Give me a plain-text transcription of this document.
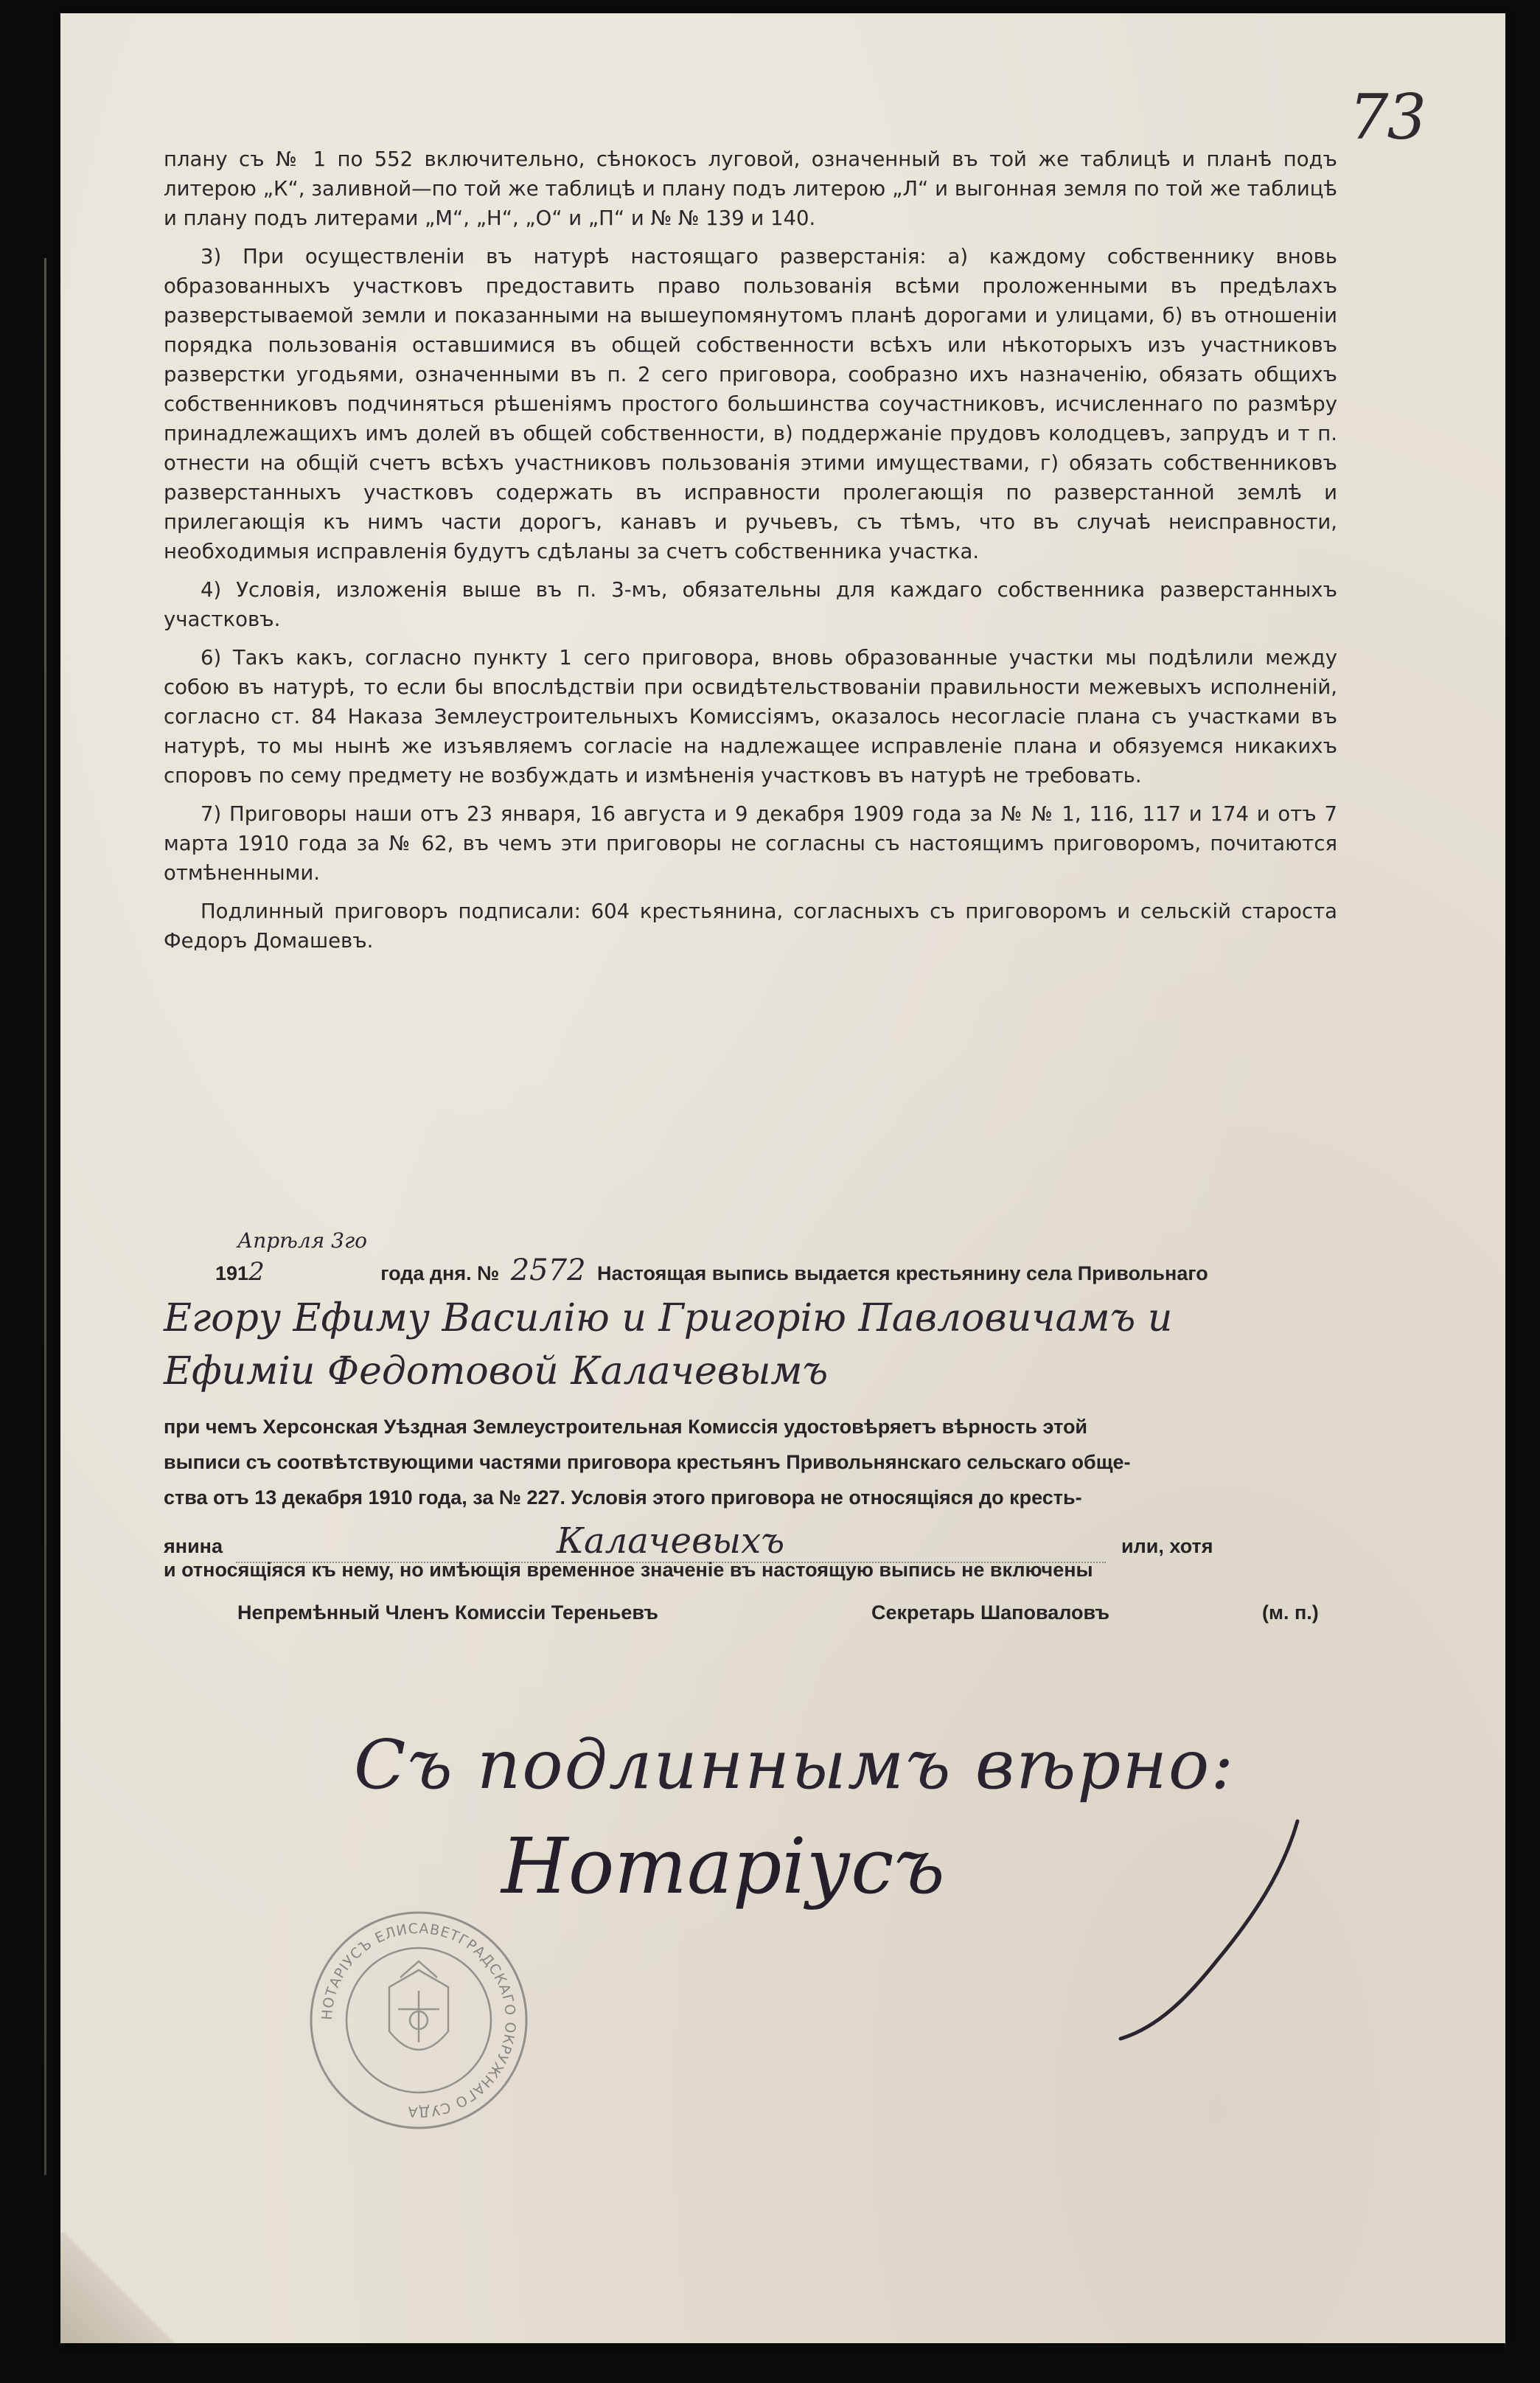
73

плану съ № 1 по 552 включительно, сѣнокосъ луговой, означенный въ той же таблицѣ и планѣ подъ литерою „К“, заливной—по той же таблицѣ и плану подъ литерою „Л“ и выгонная земля по той же таблицѣ и плану подъ литерами „М“, „Н“, „О“ и „П“ и № № 139 и 140.

3) При осуществленіи въ натурѣ настоящаго разверстанія: а) каждому собственнику вновь образованныхъ участковъ предоставить право пользованія всѣми проложенными въ предѣлахъ разверстываемой земли и показанными на вышеупомянутомъ планѣ дорогами и улицами, б) въ отношеніи порядка пользованія оставшимися въ общей собственности всѣхъ или нѣкоторыхъ изъ участниковъ разверстки угодьями, означенными въ п. 2 сего приговора, сообразно ихъ назначенію, обязать общихъ собственниковъ подчиняться рѣшеніямъ простого большинства соучастниковъ, исчисленнаго по размѣру принадлежащихъ имъ долей въ общей собственности, в) поддержаніе прудовъ колодцевъ, запрудъ и т п. отнести на общій счетъ всѣхъ участниковъ пользованія этими имуществами, г) обязать собственниковъ разверстанныхъ участковъ содержать въ исправности пролегающія по разверстанной землѣ и прилегающія къ нимъ части дорогъ, канавъ и ручьевъ, съ тѣмъ, что въ случаѣ неисправности, необходимыя исправленія будутъ сдѣланы за счетъ собственника участка.

4) Условія, изложенія выше въ п. 3-мъ, обязательны для каждаго собственника разверстанныхъ участковъ.

6) Такъ какъ, согласно пункту 1 сего приговора, вновь образованные участки мы подѣлили между собою въ натурѣ, то если бы впослѣдствіи при освидѣтельствованіи правильности межевыхъ исполненій, согласно ст. 84 Наказа Землеустроительныхъ Комиссіямъ, оказалось несогласіе плана съ участками въ натурѣ, то мы нынѣ же изъявляемъ согласіе на надлежащее исправленіе плана и обязуемся никакихъ споровъ по сему предмету не возбуждать и измѣненія участковъ въ натурѣ не требовать.

7) Приговоры наши отъ 23 января, 16 августа и 9 декабря 1909 года за № № 1, 116, 117 и 174 и отъ 7 марта 1910 года за № 62, въ чемъ эти приговоры не согласны съ настоящимъ приговоромъ, почитаются отмѣненными.

Подлинный приговоръ подписали: 604 крестьянина, согласныхъ съ приговоромъ и сельскій староста Федоръ Домашевъ.

1912
Апрѣля 3го
года дня. № 2572 Настоящая выпись выдается крестьянину села Привольнаго
Егору Ефиму Василію и Григорію Павловичамъ и
Ефиміи Федотовой Калачевымъ
при чемъ Херсонская Уѣздная Землеустроительная Комиссія удостовѣряетъ вѣрность этой
выписи съ соотвѣтствующими частями приговора крестьянъ Привольнянскаго сельскаго обще-
ства отъ 13 декабря 1910 года, за № 227. Условія этого приговора не относящіяся до кресть-
янина	Калачевыхъ	или, хотя
и относящіяся къ нему, но имѣющія временное значеніе въ настоящую выпись не включены
Непремѣнный Членъ Комиссіи Тереньевъ	Секретарь Шаповаловъ	(м. п.)
Съ подлиннымъ вѣрно:
Нотаріусъ
НОТАРІУСЪ ЕЛИСАВЕТГРАДСКАГО ОКРУЖНАГО СУДА
